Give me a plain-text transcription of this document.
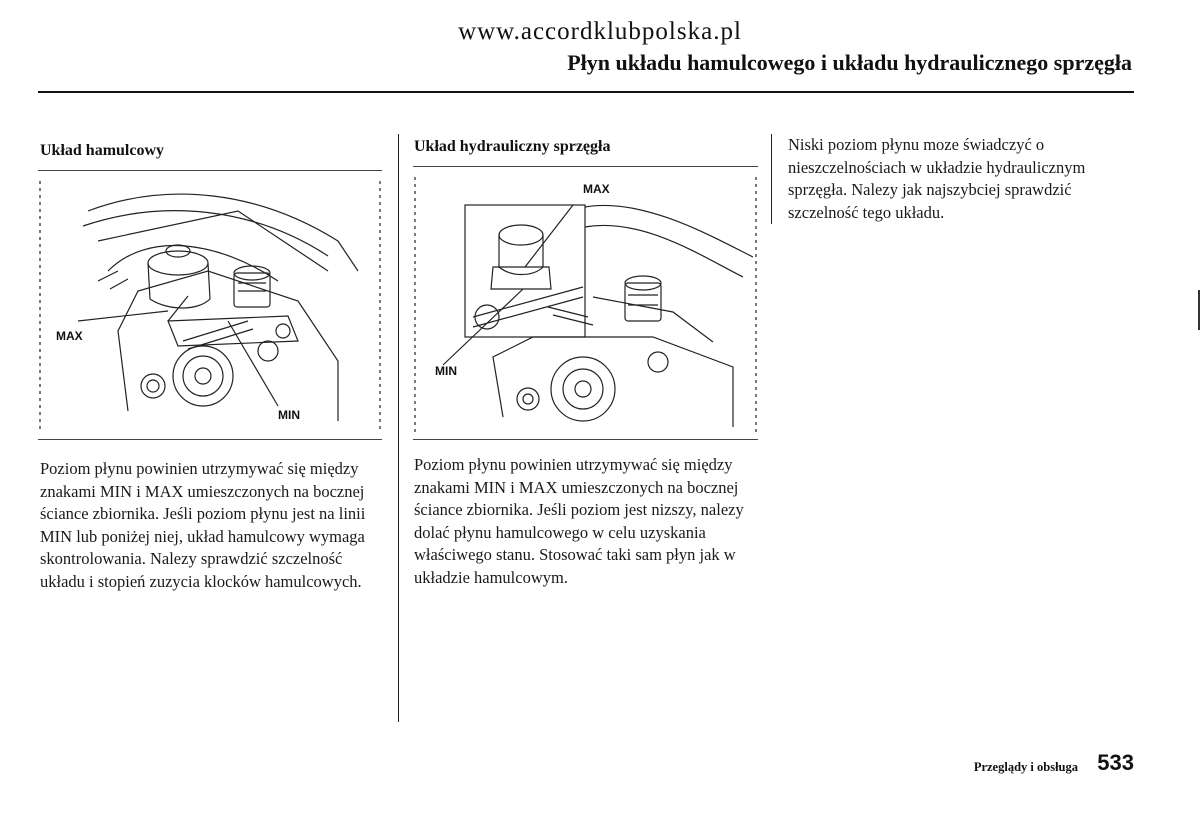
www.accordklubpolska.pl
Płyn układu hamulcowego i układu hydraulicznego sprzęgła
Układ hamulcowy
MAX
MIN
Poziom płynu powinien utrzymywać się między znakami MIN i MAX umieszczonych na bocznej ściance zbiornika. Jeśli poziom płynu jest na linii MIN lub poniżej niej, układ hamulcowy wymaga skontrolowania. Nalezy sprawdzić szczelność układu i stopień zuzycia klocków hamulcowych.
Układ hydrauliczny sprzęgła
MAX
MIN
Poziom płynu powinien utrzymywać się między znakami MIN i MAX umieszczonych na bocznej ściance zbiornika. Jeśli poziom jest nizszy, nalezy dolać płynu hamulcowego w celu uzyskania właściwego stanu. Stosować taki sam płyn jak w układzie hamulcowym.
Niski poziom płynu moze świadczyć o nieszczelnościach w układzie hydraulicznym sprzęgła. Nalezy jak najszybciej sprawdzić szczelność tego układu.
Przeglądy i obsługa 533
